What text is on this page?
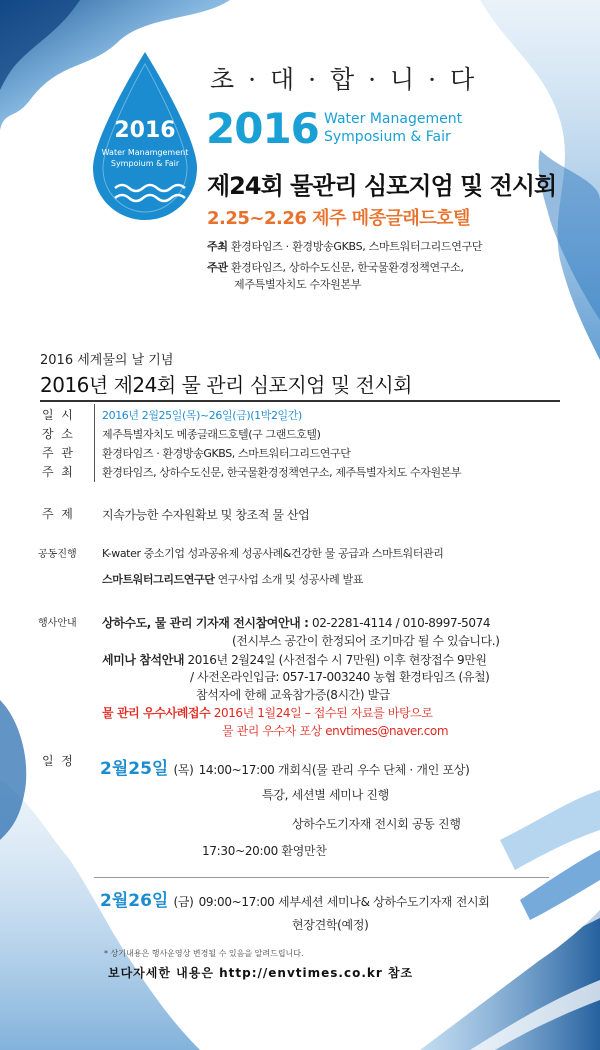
2016
Water Manamgement
Sympoium & Fair
초 · 대 · 합 · 니 · 다
2016 Water Management
Symposium & Fair
제24회 물관리 심포지엄 및 전시회
2.25~2.26 제주 메종글래드호텔
주최 환경타임즈 · 환경방송GKBS, 스마트워터그리드연구단
주관 환경타임즈, 상하수도신문, 한국물환경정책연구소,
제주특별자치도 수자원본부
2016 세계물의 날 기념
2016년 제24회 물 관리 심포지엄 및 전시회
일  시	2016년 2월25일(목)~26일(금)(1박2일간)
장  소	제주특별자치도 메종글래드호텔(구 그랜드호텔)
주  관	환경타임즈 · 환경방송GKBS, 스마트워터그리드연구단
주  최	환경타임즈, 상하수도신문, 한국물환경정책연구소, 제주특별자치도 수자원본부
주  제 지속가능한 수자원확보 및 창조적 물 산업
공동진행 K-water 중소기업 성과공유제 성공사례&건강한 물 공급과 스마트워터관리
스마트워터그리드연구단 연구사업 소개 및 성공사례 발표
행사안내 상하수도, 물 관리 기자재 전시참여안내 : 02-2281-4114 / 010-8997-5074
(전시부스 공간이 한정되어 조기마감 될 수 있습니다.)
세미나 참석안내 2016년 2월24일 (사전접수 시 7만원) 이후 현장접수 9만원
/ 사전온라인입금: 057-17-003240 농협 환경타임즈 (유철)
참석자에 한해 교육참가증(8시간) 발급
물 관리 우수사례접수 2016년 1월24일 – 접수된 자료를 바탕으로
물 관리 우수자 포상 envtimes@naver.com
일  정 2월25일 (목) 14:00~17:00 개회식(물 관리 우수 단체 · 개인 포상)
특강, 세션별 세미나 진행
상하수도기자재 전시회 공동 진행
17:30~20:00 환영만찬
2월26일 (금) 09:00~17:00 세부세션 세미나& 상하수도기자재 전시회
현장견학(예정)
* 상기내용은 행사운영상 변경될 수 있음을 알려드립니다.
보다자세한 내용은 http://envtimes.co.kr 참조
